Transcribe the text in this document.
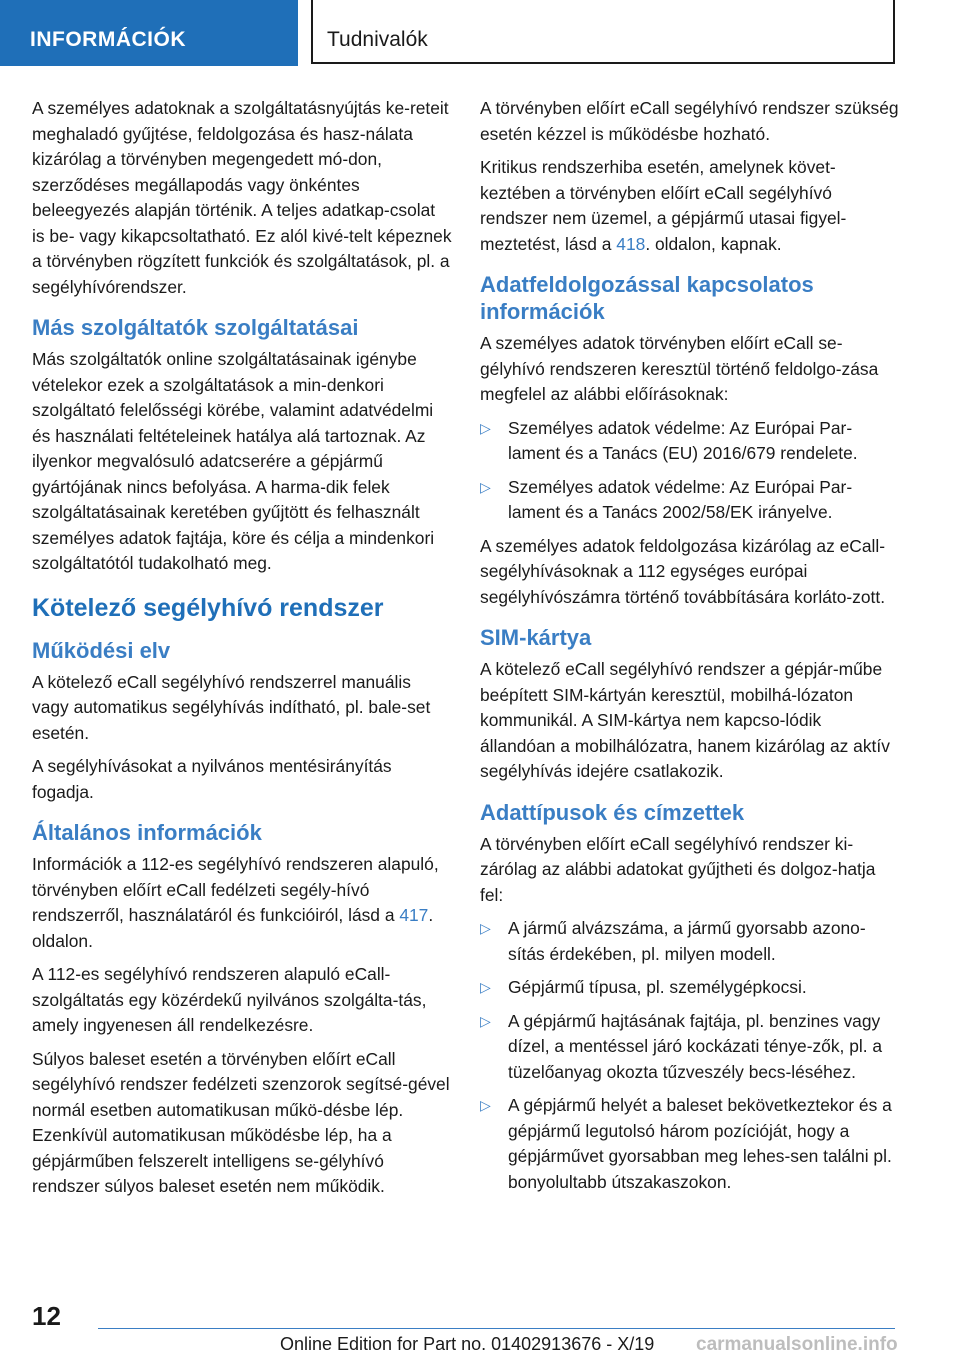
INFORMÁCIÓK	Tudnivalók

A személyes adatoknak a szolgáltatásnyújtás ke-reteit meghaladó gyűjtése, feldolgozása és hasz-nálata kizárólag a törvényben megengedett mó-don, szerződéses megállapodás vagy önkéntes beleegyezés alapján történik. A teljes adatkap-csolat is be- vagy kikapcsoltatható. Ez alól kivé-telt képeznek a törvényben rögzített funkciók és szolgáltatások, pl. a segélyhívórendszer.

Más szolgáltatók szolgáltatásai

Más szolgáltatók online szolgáltatásainak igénybe vételekor ezek a szolgáltatások a min-denkori szolgáltató felelősségi körébe, valamint adatvédelmi és használati feltételeinek hatálya alá tartoznak. Az ilyenkor megvalósuló adatcserére a gépjármű gyártójának nincs befolyása. A harma-dik felek szolgáltatásainak keretében gyűjtött és felhasznált személyes adatok fajtája, köre és célja a mindenkori szolgáltatótól tudakolható meg.

Kötelező segélyhívó rendszer
Működési elv

A kötelező eCall segélyhívó rendszerrel manuális vagy automatikus segélyhívás indítható, pl. bale-set esetén.

A segélyhívásokat a nyilvános mentésirányítás fogadja.

Általános információk

Információk a 112-es segélyhívó rendszeren alapuló, törvényben előírt eCall fedélzeti segély-hívó rendszerről, használatáról és funkcióiról, lásd a 417. oldalon.

A 112-es segélyhívó rendszeren alapuló eCall-szolgáltatás egy közérdekű nyilvános szolgálta-tás, amely ingyenesen áll rendelkezésre.

Súlyos baleset esetén a törvényben előírt eCall segélyhívó rendszer fedélzeti szenzorok segítsé-gével normál esetben automatikusan műkö-désbe lép. Ezenkívül automatikusan működésbe lép, ha a gépjárműben felszerelt intelligens se-gélyhívó rendszer súlyos baleset esetén nem működik.

A törvényben előírt eCall segélyhívó rendszer szükség esetén kézzel is működésbe hozható.

Kritikus rendszerhiba esetén, amelynek követ-keztében a törvényben előírt eCall segélyhívó rendszer nem üzemel, a gépjármű utasai figyel-meztetést, lásd a 418. oldalon, kapnak.

Adatfeldolgozással kapcsolatos információk

A személyes adatok törvényben előírt eCall se-gélyhívó rendszeren keresztül történő feldolgo-zása megfelel az alábbi előírásoknak:

▷ Személyes adatok védelme: Az Európai Par-lament és a Tanács (EU) 2016/679 rendelete.
▷ Személyes adatok védelme: Az Európai Par-lament és a Tanács 2002/58/EK irányelve.

A személyes adatok feldolgozása kizárólag az eCall-segélyhívásoknak a 112 egységes európai segélyhívószámra történő továbbítására korláto-zott.

SIM-kártya

A kötelező eCall segélyhívó rendszer a gépjár-műbe beépített SIM-kártyán keresztül, mobilhá-lózaton kommunikál. A SIM-kártya nem kapcso-lódik állandóan a mobilhálózatra, hanem kizárólag az aktív segélyhívás idejére csatlakozik.

Adattípusok és címzettek

A törvényben előírt eCall segélyhívó rendszer ki-zárólag az alábbi adatokat gyűjtheti és dolgoz-hatja fel:

▷ A jármű alvázszáma, a jármű gyorsabb azono-sítás érdekében, pl. milyen modell.
▷ Gépjármű típusa, pl. személygépkocsi.
▷ A gépjármű hajtásának fajtája, pl. benzines vagy dízel, a mentéssel járó kockázati ténye-zők, pl. a tüzelőanyag okozta tűzveszély becs-léséhez.
▷ A gépjármű helyét a baleset bekövetkeztekor és a gépjármű legutolsó három pozícióját, hogy a gépjárművet gyorsabban meg lehes-sen találni pl. bonyolultabb útszakaszokon.
12
Online Edition for Part no. 01402913676 - X/19 carmanualsonline.info
